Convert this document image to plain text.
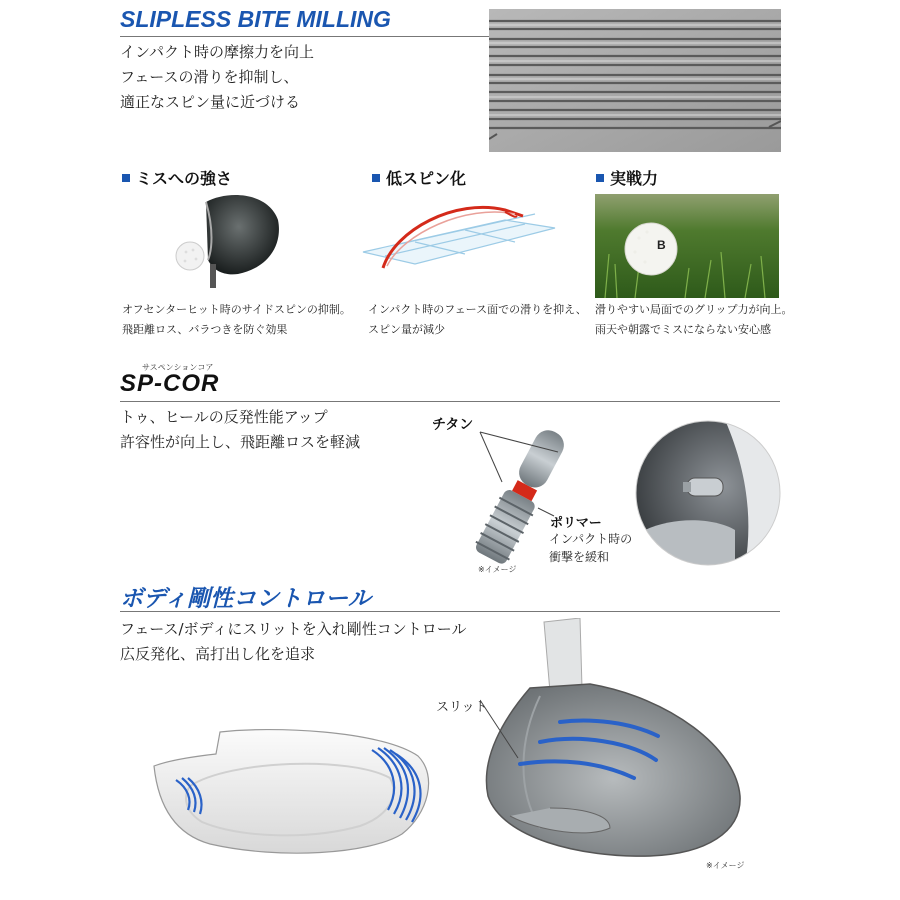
SLIPLESS BITE MILLING
インパクト時の摩擦力を向上
フェースの滑りを抑制し、
適正なスピン量に近づける
ミスへの強さ	低スピン化	実戦力
B
オフセンターヒット時のサイドスピンの抑制。
飛距離ロス、バラつきを防ぐ効果
インパクト時のフェース面での滑りを抑え、
スピン量が減少
滑りやすい局面でのグリップ力が向上。
雨天や朝露でミスにならない安心感
サスペンションコア
SP-COR
トゥ、ヒールの反発性能アップ
許容性が向上し、飛距離ロスを軽減
チタン
ポリマー
インパクト時の
衝撃を緩和
※イメージ
ボディ剛性コントロール
フェース/ボディにスリットを入れ剛性コントロール
広反発化、高打出し化を追求
スリット
※イメージ
